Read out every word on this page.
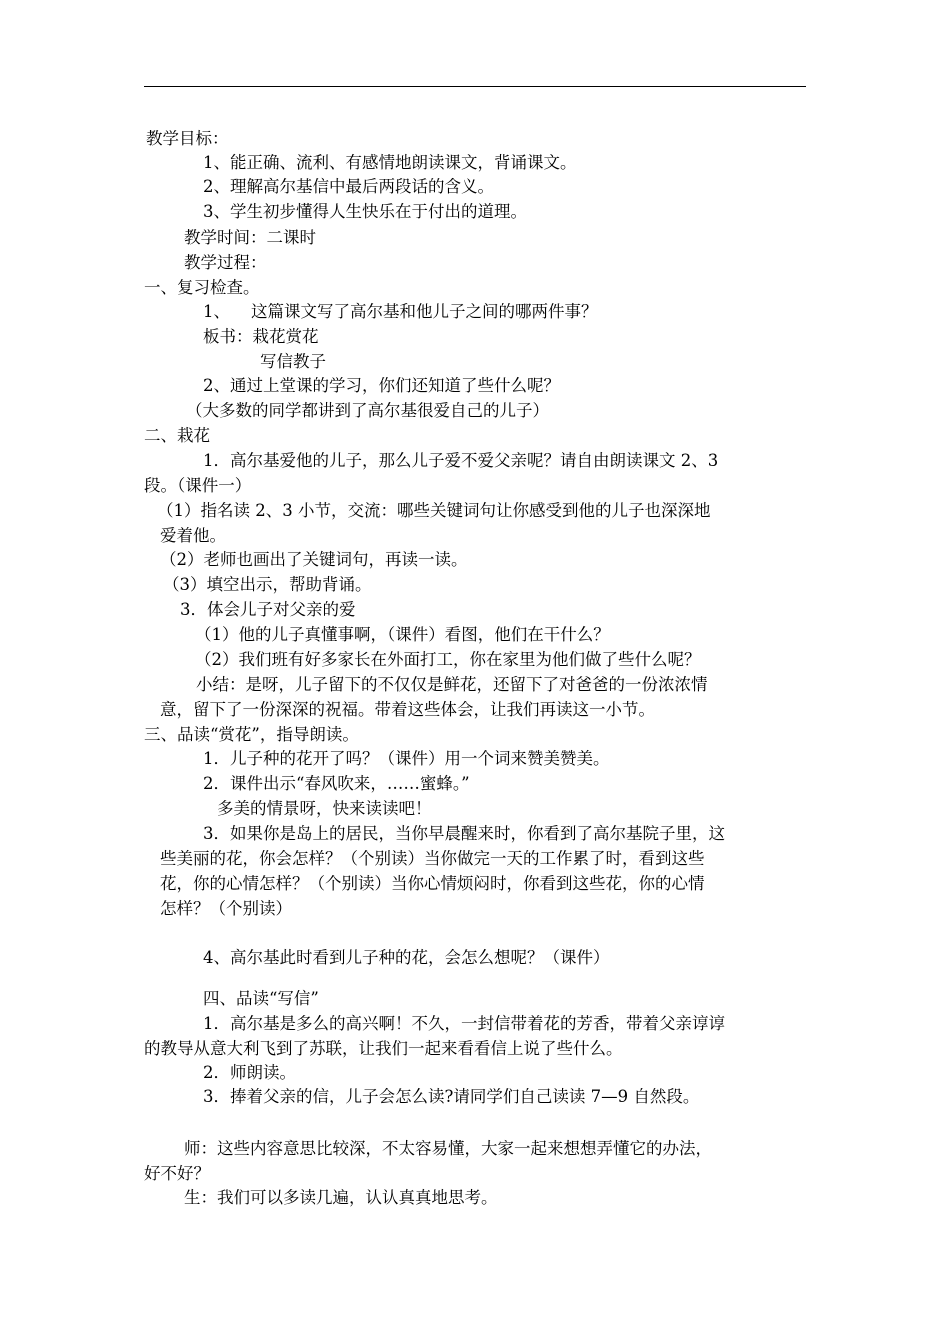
教学目标：
1、能正确、流利、有感情地朗读课文，背诵课文。
2、理解高尔基信中最后两段话的含义。
3、学生初步懂得人生快乐在于付出的道理。
教学时间：二课时
教学过程：
一、复习检查。
1、    这篇课文写了高尔基和他儿子之间的哪两件事？
板书：栽花赏花
写信教子
2、通过上堂课的学习，你们还知道了些什么呢？
（大多数的同学都讲到了高尔基很爱自己的儿子）
二、栽花
1．高尔基爱他的儿子，那么儿子爱不爱父亲呢？请自由朗读课文 2、3
段。（课件一）
（1）指名读 2、3 小节，交流：哪些关键词句让你感受到他的儿子也深深地
爱着他。
（2）老师也画出了关键词句，再读一读。
（3）填空出示，帮助背诵。
3．体会儿子对父亲的爱
（1）他的儿子真懂事啊，（课件）看图，他们在干什么？
（2）我们班有好多家长在外面打工，你在家里为他们做了些什么呢？
小结：是呀，儿子留下的不仅仅是鲜花，还留下了对爸爸的一份浓浓情
意，留下了一份深深的祝福。带着这些体会，让我们再读这一小节。
三、品读“赏花”，指导朗读。
1．儿子种的花开了吗？（课件）用一个词来赞美赞美。
2．课件出示“春风吹来，……蜜蜂。”
多美的情景呀，快来读读吧！
3．如果你是岛上的居民，当你早晨醒来时，你看到了高尔基院子里，这
些美丽的花，你会怎样？（个别读）当你做完一天的工作累了时，看到这些
花，你的心情怎样？（个别读）当你心情烦闷时，你看到这些花，你的心情
怎样？（个别读）
4、高尔基此时看到儿子种的花，会怎么想呢？（课件）
四、品读“写信”
1．高尔基是多么的高兴啊！不久，一封信带着花的芳香，带着父亲谆谆
的教导从意大利飞到了苏联，让我们一起来看看信上说了些什么。
2．师朗读。
3．捧着父亲的信，儿子会怎么读?请同学们自己读读 7—9 自然段。
师：这些内容意思比较深，不太容易懂，大家一起来想想弄懂它的办法，
好不好？
生：我们可以多读几遍，认认真真地思考。
